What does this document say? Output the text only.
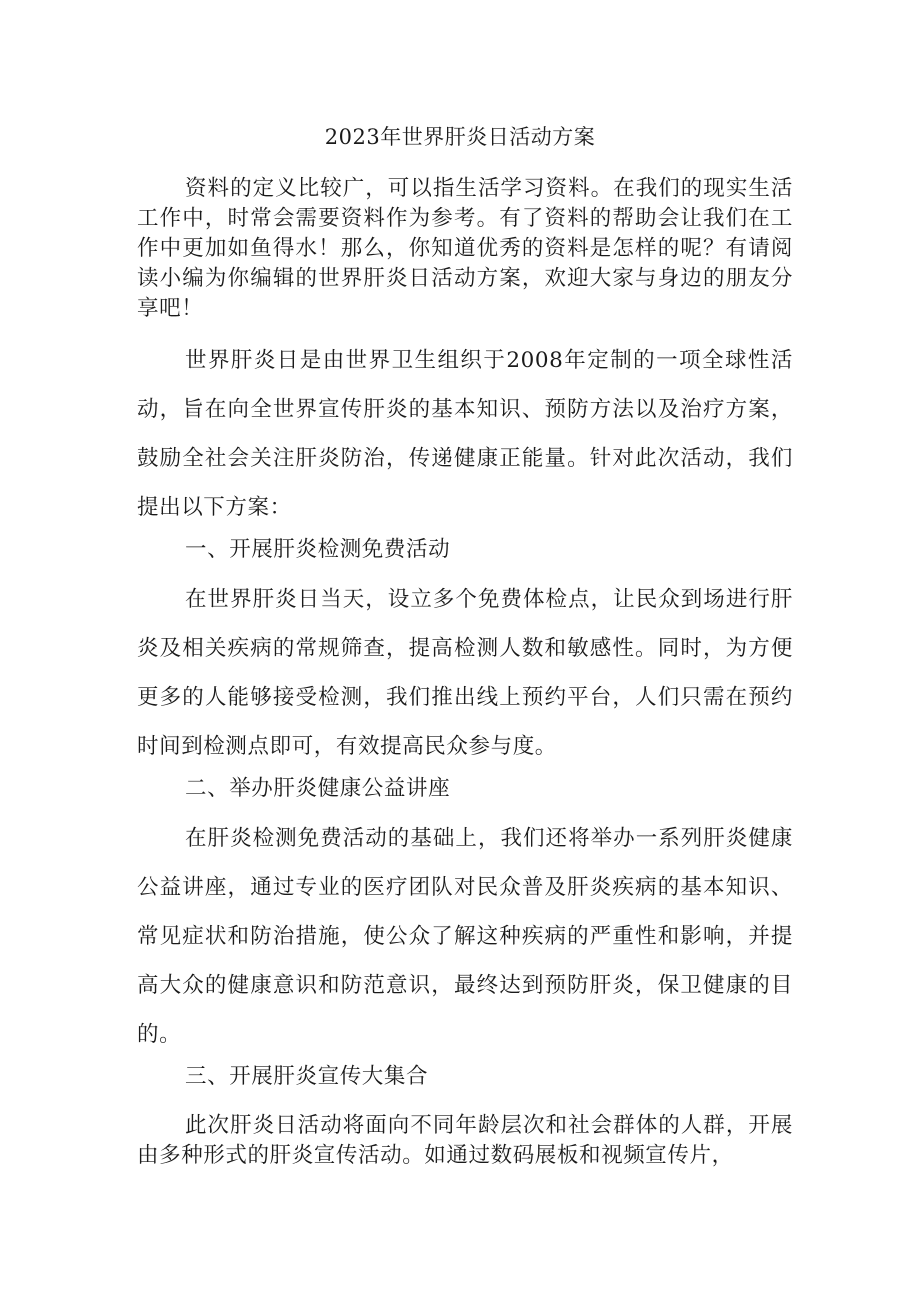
2023年世界肝炎日活动方案

资料的定义比较广，可以指生活学习资料。在我们的现实生活工作中，时常会需要资料作为参考。有了资料的帮助会让我们在工作中更加如鱼得水！那么，你知道优秀的资料是怎样的呢？有请阅读小编为你编辑的世界肝炎日活动方案，欢迎大家与身边的朋友分享吧！

世界肝炎日是由世界卫生组织于2008年定制的一项全球性活动，旨在向全世界宣传肝炎的基本知识、预防方法以及治疗方案，鼓励全社会关注肝炎防治，传递健康正能量。针对此次活动，我们提出以下方案：

一、开展肝炎检测免费活动

在世界肝炎日当天，设立多个免费体检点，让民众到场进行肝炎及相关疾病的常规筛查，提高检测人数和敏感性。同时，为方便更多的人能够接受检测，我们推出线上预约平台，人们只需在预约时间到检测点即可，有效提高民众参与度。

二、举办肝炎健康公益讲座

在肝炎检测免费活动的基础上，我们还将举办一系列肝炎健康公益讲座，通过专业的医疗团队对民众普及肝炎疾病的基本知识、常见症状和防治措施，使公众了解这种疾病的严重性和影响，并提高大众的健康意识和防范意识，最终达到预防肝炎，保卫健康的目的。

三、开展肝炎宣传大集合

此次肝炎日活动将面向不同年龄层次和社会群体的人群，开展由多种形式的肝炎宣传活动。如通过数码展板和视频宣传片，
